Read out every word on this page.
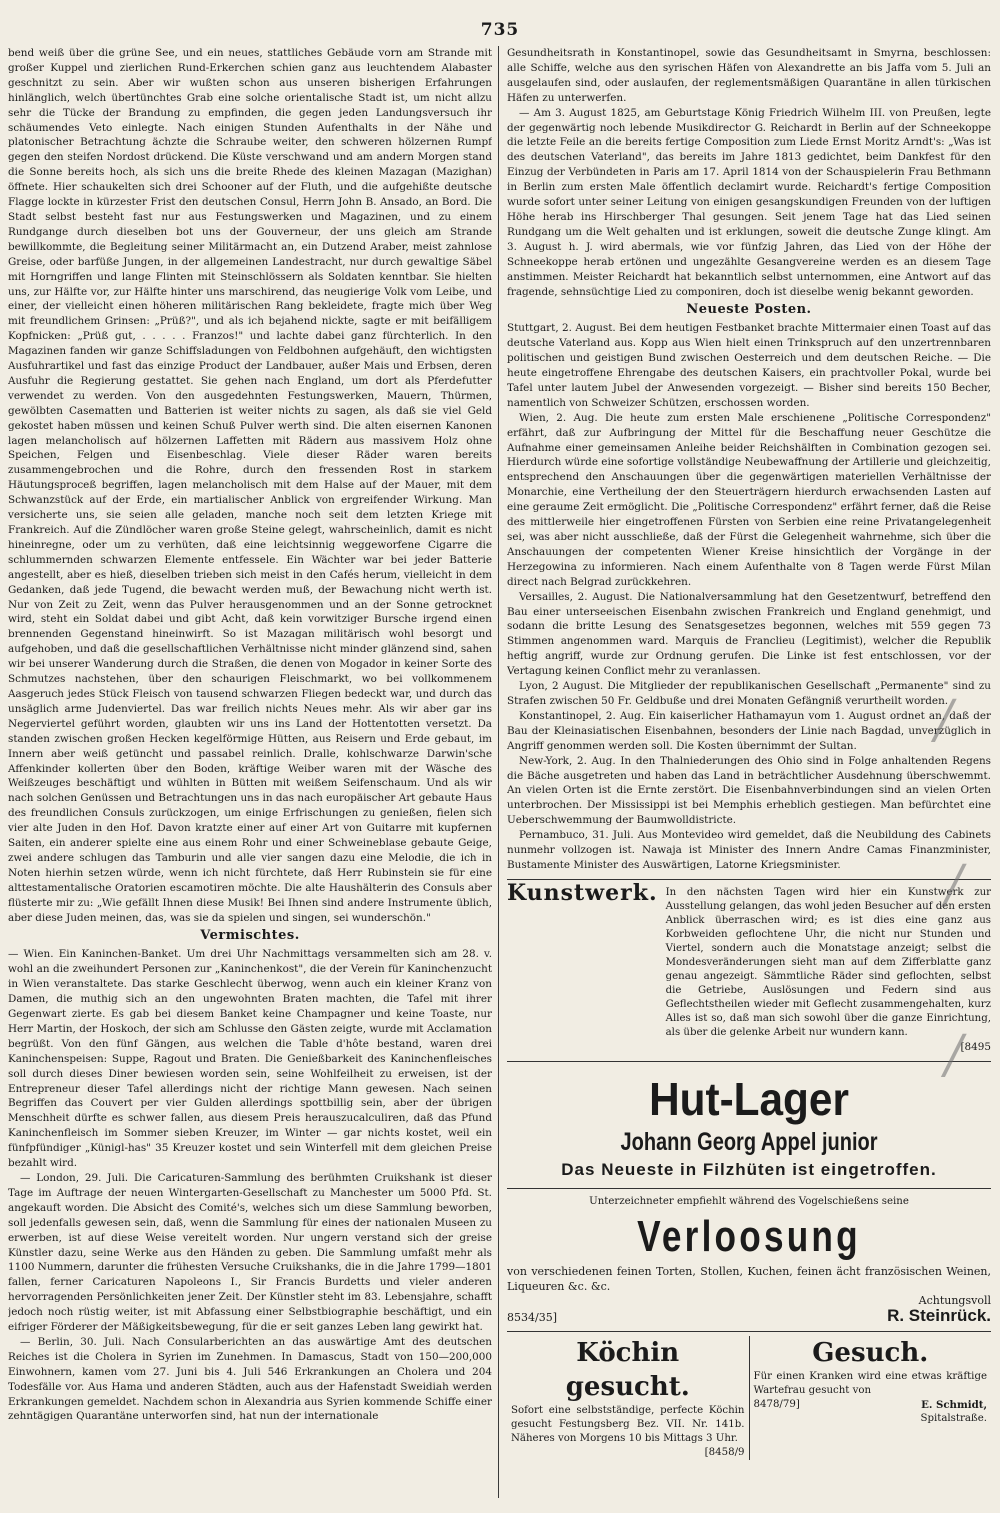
735

bend weiß über die grüne See, und ein neues, stattliches Gebäude vorn am Strande mit großer Kuppel und zierlichen Rund-Erkerchen schien ganz aus leuchtendem Alabaster geschnitzt zu sein. Aber wir wußten schon aus unseren bisherigen Erfahrungen hinlänglich, welch übertünchtes Grab eine solche orientalische Stadt ist, um nicht allzu sehr die Tücke der Brandung zu empfinden, die gegen jeden Landungsversuch ihr schäumendes Veto einlegte. Nach einigen Stunden Aufenthalts in der Nähe und platonischer Betrachtung ächzte die Schraube weiter, den schweren hölzernen Rumpf gegen den steifen Nordost drückend. Die Küste verschwand und am andern Morgen stand die Sonne bereits hoch, als sich uns die breite Rhede des kleinen Mazagan (Mazighan) öffnete. Hier schaukelten sich drei Schooner auf der Fluth, und die aufgehißte deutsche Flagge lockte in kürzester Frist den deutschen Consul, Herrn John B. Ansado, an Bord. Die Stadt selbst besteht fast nur aus Festungswerken und Magazinen, und zu einem Rundgange durch dieselben bot uns der Gouverneur, der uns gleich am Strande bewillkommte, die Begleitung seiner Militärmacht an, ein Dutzend Araber, meist zahnlose Greise, oder barfüße Jungen, in der allgemeinen Landestracht, nur durch gewaltige Säbel mit Horngriffen und lange Flinten mit Steinschlössern als Soldaten kenntbar. Sie hielten uns, zur Hälfte vor, zur Hälfte hinter uns marschirend, das neugierige Volk vom Leibe, und einer, der vielleicht einen höheren militärischen Rang bekleidete, fragte mich über Weg mit freundlichem Grinsen: „Prüß?", und als ich bejahend nickte, sagte er mit beifälligem Kopfnicken: „Prüß gut, . . . . . Franzos!" und lachte dabei ganz fürchterlich. In den Magazinen fanden wir ganze Schiffsladungen von Feldbohnen aufgehäuft, den wichtigsten Ausfuhrartikel und fast das einzige Product der Landbauer, außer Mais und Erbsen, deren Ausfuhr die Regierung gestattet. Sie gehen nach England, um dort als Pferdefutter verwendet zu werden. Von den ausgedehnten Festungswerken, Mauern, Thürmen, gewölbten Casematten und Batterien ist weiter nichts zu sagen, als daß sie viel Geld gekostet haben müssen und keinen Schuß Pulver werth sind. Die alten eisernen Kanonen lagen melancholisch auf hölzernen Laffetten mit Rädern aus massivem Holz ohne Speichen, Felgen und Eisenbeschlag. Viele dieser Räder waren bereits zusammengebrochen und die Rohre, durch den fressenden Rost in starkem Häutungsproceß begriffen, lagen melancholisch mit dem Halse auf der Mauer, mit dem Schwanzstück auf der Erde, ein martialischer Anblick von ergreifender Wirkung. Man versicherte uns, sie seien alle geladen, manche noch seit dem letzten Kriege mit Frankreich. Auf die Zündlöcher waren große Steine gelegt, wahrscheinlich, damit es nicht hineinregne, oder um zu verhüten, daß eine leichtsinnig weggeworfene Cigarre die schlummernden schwarzen Elemente entfessele. Ein Wächter war bei jeder Batterie angestellt, aber es hieß, dieselben trieben sich meist in den Cafés herum, vielleicht in dem Gedanken, daß jede Tugend, die bewacht werden muß, der Bewachung nicht werth ist. Nur von Zeit zu Zeit, wenn das Pulver herausgenommen und an der Sonne getrocknet wird, steht ein Soldat dabei und gibt Acht, daß kein vorwitziger Bursche irgend einen brennenden Gegenstand hineinwirft. So ist Mazagan militärisch wohl besorgt und aufgehoben, und daß die gesellschaftlichen Verhältnisse nicht minder glänzend sind, sahen wir bei unserer Wanderung durch die Straßen, die denen von Mogador in keiner Sorte des Schmutzes nachstehen, über den schaurigen Fleischmarkt, wo bei vollkommenem Aasgeruch jedes Stück Fleisch von tausend schwarzen Fliegen bedeckt war, und durch das unsäglich arme Judenviertel. Das war freilich nichts Neues mehr. Als wir aber gar ins Negerviertel geführt worden, glaubten wir uns ins Land der Hottentotten versetzt. Da standen zwischen großen Hecken kegelförmige Hütten, aus Reisern und Erde gebaut, im Innern aber weiß getüncht und passabel reinlich. Dralle, kohlschwarze Darwin'sche Affenkinder kollerten über den Boden, kräftige Weiber waren mit der Wäsche des Weißzeuges beschäftigt und wühlten in Bütten mit weißem Seifenschaum. Und als wir nach solchen Genüssen und Betrachtungen uns in das nach europäischer Art gebaute Haus des freundlichen Consuls zurückzogen, um einige Erfrischungen zu genießen, fielen sich vier alte Juden in den Hof. Davon kratzte einer auf einer Art von Guitarre mit kupfernen Saiten, ein anderer spielte eine aus einem Rohr und einer Schweineblase gebaute Geige, zwei andere schlugen das Tamburin und alle vier sangen dazu eine Melodie, die ich in Noten hierhin setzen würde, wenn ich nicht fürchtete, daß Herr Rubinstein sie für eine alttestamentalische Oratorien escamotiren möchte. Die alte Haushälterin des Consuls aber flüsterte mir zu: „Wie gefällt Ihnen diese Musik! Bei Ihnen sind andere Instrumente üblich, aber diese Juden meinen, das, was sie da spielen und singen, sei wunderschön."

Vermischtes.

— Wien. Ein Kaninchen-Banket. Um drei Uhr Nachmittags versammelten sich am 28. v. wohl an die zweihundert Personen zur „Kaninchenkost", die der Verein für Kaninchenzucht in Wien veranstaltete. Das starke Geschlecht überwog, wenn auch ein kleiner Kranz von Damen, die muthig sich an den ungewohnten Braten machten, die Tafel mit ihrer Gegenwart zierte. Es gab bei diesem Banket keine Champagner und keine Toaste, nur Herr Martin, der Hoskoch, der sich am Schlusse den Gästen zeigte, wurde mit Acclamation begrüßt. Von den fünf Gängen, aus welchen die Table d'hôte bestand, waren drei Kaninchenspeisen: Suppe, Ragout und Braten. Die Genießbarkeit des Kaninchenfleisches soll durch dieses Diner bewiesen worden sein, seine Wohlfeilheit zu erweisen, ist der Entrepreneur dieser Tafel allerdings nicht der richtige Mann gewesen. Nach seinen Begriffen das Couvert per vier Gulden allerdings spottbillig sein, aber der übrigen Menschheit dürfte es schwer fallen, aus diesem Preis herauszucalculiren, daß das Pfund Kaninchenfleisch im Sommer sieben Kreuzer, im Winter — gar nichts kostet, weil ein fünfpfündiger „Künigl-has" 35 Kreuzer kostet und sein Winterfell mit dem gleichen Preise bezahlt wird.

— London, 29. Juli. Die Caricaturen-Sammlung des berühmten Cruikshank ist dieser Tage im Auftrage der neuen Wintergarten-Gesellschaft zu Manchester um 5000 Pfd. St. angekauft worden. Die Absicht des Comité's, welches sich um diese Sammlung beworben, soll jedenfalls gewesen sein, daß, wenn die Sammlung für eines der nationalen Museen zu erwerben, ist auf diese Weise vereitelt worden. Nur ungern verstand sich der greise Künstler dazu, seine Werke aus den Händen zu geben. Die Sammlung umfaßt mehr als 1100 Nummern, darunter die frühesten Versuche Cruikshanks, die in die Jahre 1799—1801 fallen, ferner Caricaturen Napoleons I., Sir Francis Burdetts und vieler anderen hervorragenden Persönlichkeiten jener Zeit. Der Künstler steht im 83. Lebensjahre, schafft jedoch noch rüstig weiter, ist mit Abfassung einer Selbstbiographie beschäftigt, und ein eifriger Förderer der Mäßigkeitsbewegung, für die er seit ganzes Leben lang gewirkt hat.

— Berlin, 30. Juli. Nach Consularberichten an das auswärtige Amt des deutschen Reiches ist die Cholera in Syrien im Zunehmen. In Damascus, Stadt von 150—200,000 Einwohnern, kamen vom 27. Juni bis 4. Juli 546 Erkrankungen an Cholera und 204 Todesfälle vor. Aus Hama und anderen Städten, auch aus der Hafenstadt Sweidiah werden Erkrankungen gemeldet. Nachdem schon in Alexandria aus Syrien kommende Schiffe einer zehntägigen Quarantäne unterworfen sind, hat nun der internationale

Gesundheitsrath in Konstantinopel, sowie das Gesundheitsamt in Smyrna, beschlossen: alle Schiffe, welche aus den syrischen Häfen von Alexandrette an bis Jaffa vom 5. Juli an ausgelaufen sind, oder auslaufen, der reglementsmäßigen Quarantäne in allen türkischen Häfen zu unterwerfen.

— Am 3. August 1825, am Geburtstage König Friedrich Wilhelm III. von Preußen, legte der gegenwärtig noch lebende Musikdirector G. Reichardt in Berlin auf der Schneekoppe die letzte Feile an die bereits fertige Composition zum Liede Ernst Moritz Arndt's: „Was ist des deutschen Vaterland", das bereits im Jahre 1813 gedichtet, beim Dankfest für den Einzug der Verbündeten in Paris am 17. April 1814 von der Schauspielerin Frau Bethmann in Berlin zum ersten Male öffentlich declamirt wurde. Reichardt's fertige Composition wurde sofort unter seiner Leitung von einigen gesangskundigen Freunden von der luftigen Höhe herab ins Hirschberger Thal gesungen. Seit jenem Tage hat das Lied seinen Rundgang um die Welt gehalten und ist erklungen, soweit die deutsche Zunge klingt. Am 3. August h. J. wird abermals, wie vor fünfzig Jahren, das Lied von der Höhe der Schneekoppe herab ertönen und ungezählte Gesangvereine werden es an diesem Tage anstimmen. Meister Reichardt hat bekanntlich selbst unternommen, eine Antwort auf das fragende, sehnsüchtige Lied zu componiren, doch ist dieselbe wenig bekannt geworden.

Neueste Posten.

Stuttgart, 2. August. Bei dem heutigen Festbanket brachte Mittermaier einen Toast auf das deutsche Vaterland aus. Kopp aus Wien hielt einen Trinkspruch auf den unzertrennbaren politischen und geistigen Bund zwischen Oesterreich und dem deutschen Reiche. — Die heute eingetroffene Ehrengabe des deutschen Kaisers, ein prachtvoller Pokal, wurde bei Tafel unter lautem Jubel der Anwesenden vorgezeigt. — Bisher sind bereits 150 Becher, namentlich von Schweizer Schützen, erschossen worden.

Wien, 2. Aug. Die heute zum ersten Male erschienene „Politische Correspondenz" erfährt, daß zur Aufbringung der Mittel für die Beschaffung neuer Geschütze die Aufnahme einer gemeinsamen Anleihe beider Reichshälften in Combination gezogen sei. Hierdurch würde eine sofortige vollständige Neubewaffnung der Artillerie und gleichzeitig, entsprechend den Anschauungen über die gegenwärtigen materiellen Verhältnisse der Monarchie, eine Vertheilung der den Steuerträgern hierdurch erwachsenden Lasten auf eine geraume Zeit ermöglicht. Die „Politische Correspondenz" erfährt ferner, daß die Reise des mittlerweile hier eingetroffenen Fürsten von Serbien eine reine Privatangelegenheit sei, was aber nicht ausschließe, daß der Fürst die Gelegenheit wahrnehme, sich über die Anschauungen der competenten Wiener Kreise hinsichtlich der Vorgänge in der Herzegowina zu informieren. Nach einem Aufenthalte von 8 Tagen werde Fürst Milan direct nach Belgrad zurückkehren.

Versailles, 2. August. Die Nationalversammlung hat den Gesetzentwurf, betreffend den Bau einer unterseeischen Eisenbahn zwischen Frankreich und England genehmigt, und sodann die britte Lesung des Senatsgesetzes begonnen, welches mit 559 gegen 73 Stimmen angenommen ward. Marquis de Franclieu (Legitimist), welcher die Republik heftig angriff, wurde zur Ordnung gerufen. Die Linke ist fest entschlossen, vor der Vertagung keinen Conflict mehr zu veranlassen.

Lyon, 2 August. Die Mitglieder der republikanischen Gesellschaft „Permanente" sind zu Strafen zwischen 50 Fr. Geldbuße und drei Monaten Gefängniß verurtheilt worden.

Konstantinopel, 2. Aug. Ein kaiserlicher Hathamayun vom 1. August ordnet an, daß der Bau der Kleinasiatischen Eisenbahnen, besonders der Linie nach Bagdad, unverzüglich in Angriff genommen werden soll. Die Kosten übernimmt der Sultan.

New-York, 2. Aug. In den Thalniederungen des Ohio sind in Folge anhaltenden Regens die Bäche ausgetreten und haben das Land in beträchtlicher Ausdehnung überschwemmt. An vielen Orten ist die Ernte zerstört. Die Eisenbahnverbindungen sind an vielen Orten unterbrochen. Der Mississippi ist bei Memphis erheblich gestiegen. Man befürchtet eine Ueberschwemmung der Baumwolldistricte.

Pernambuco, 31. Juli. Aus Montevideo wird gemeldet, daß die Neubildung des Cabinets nunmehr vollzogen ist. Nawaja ist Minister des Innern Andre Camas Finanzminister, Bustamente Minister des Auswärtigen, Latorne Kriegsminister.

Kunstwerk. In den nächsten Tagen wird hier ein Kunstwerk zur Ausstellung gelangen, das wohl jeden Besucher auf den ersten Anblick überraschen wird; es ist dies eine ganz aus Korbweiden geflochtene Uhr, die nicht nur Stunden und Viertel, sondern auch die Monatstage anzeigt; selbst die Mondesveränderungen sieht man auf dem Zifferblatte ganz genau angezeigt. Sämmtliche Räder sind geflochten, selbst die Getriebe, Auslösungen und Federn sind aus Geflechtstheilen wieder mit Geflecht zusammengehalten, kurz Alles ist so, daß man sich sowohl über die ganze Einrichtung, als über die gelenke Arbeit nur wundern kann.
[8495
Hut-Lager
Johann Georg Appel junior
Das Neueste in Filzhüten ist eingetroffen.
Unterzeichneter empfiehlt während des Vogelschießens seine
Verloosung
von verschiedenen feinen Torten, Stollen, Kuchen, feinen ächt französischen Weinen, Liqueuren &c. &c.
8534/35]
Achtungsvoll
R. Steinrück.
Köchin gesucht.
Sofort eine selbstständige, perfecte Köchin gesucht Festungsberg Bez. VII. Nr. 141b. Näheres von Morgens 10 bis Mittags 3 Uhr.
[8458/9
Gesuch.
Für einen Kranken wird eine etwas kräftige Wartefrau gesucht von
8478/79]	E. Schmidt,
Spitalstraße.
/
/
/
